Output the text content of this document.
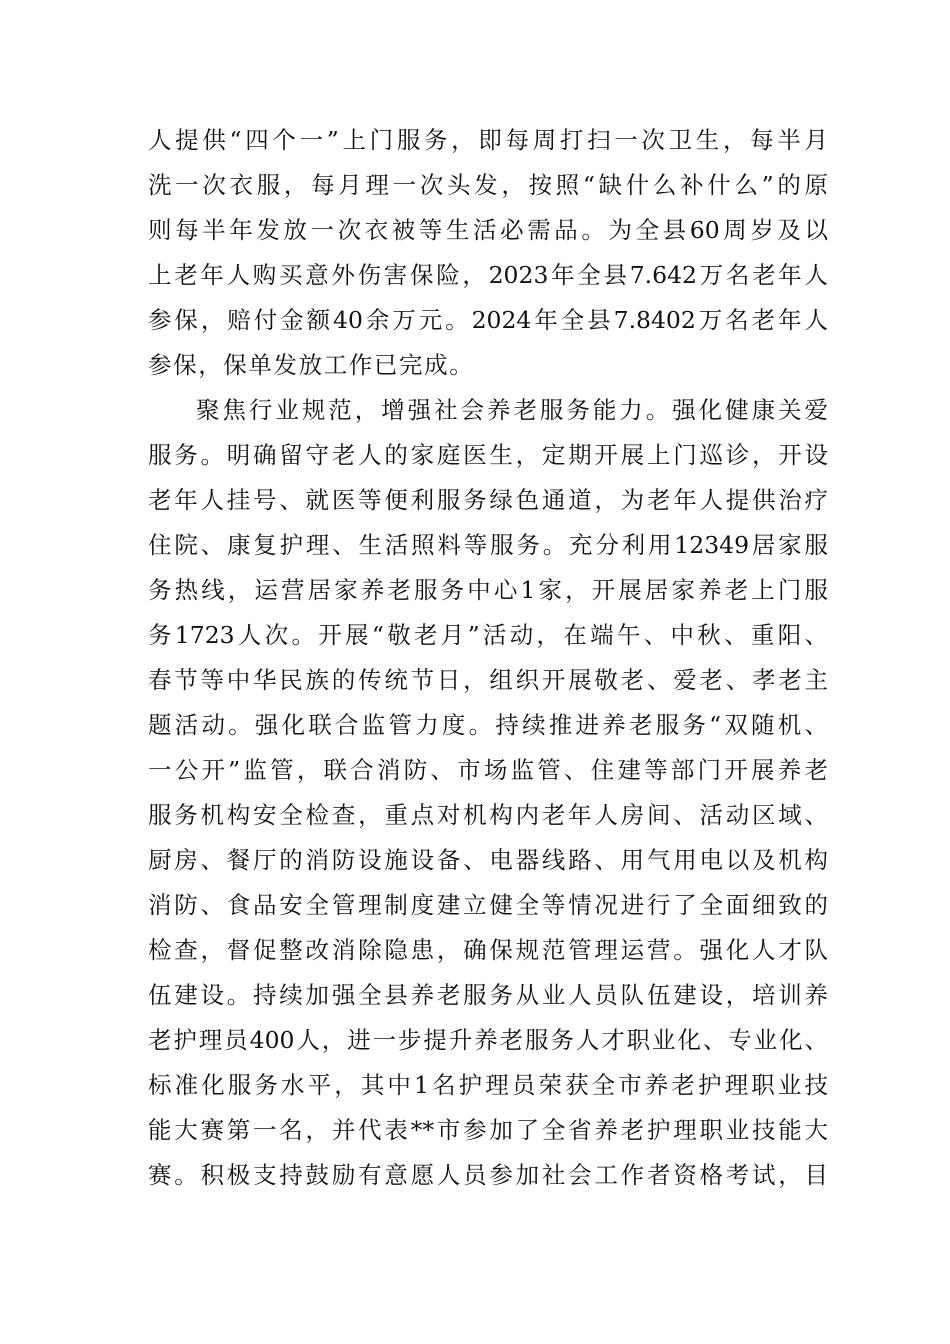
人提供“四个一”上门服务，即每周打扫一次卫生，每半月
洗一次衣服，每月理一次头发，按照“缺什么补什么”的原
则每半年发放一次衣被等生活必需品。为全县60周岁及以
上老年人购买意外伤害保险，2023年全县7.642万名老年人
参保，赔付金额40余万元。2024年全县7.8402万名老年人
参保，保单发放工作已完成。
聚焦行业规范，增强社会养老服务能力。强化健康关爱
服务。明确留守老人的家庭医生，定期开展上门巡诊，开设
老年人挂号、就医等便利服务绿色通道，为老年人提供治疗
住院、康复护理、生活照料等服务。充分利用12349居家服
务热线，运营居家养老服务中心1家，开展居家养老上门服
务1723人次。开展“敬老月”活动，在端午、中秋、重阳、
春节等中华民族的传统节日，组织开展敬老、爱老、孝老主
题活动。强化联合监管力度。持续推进养老服务“双随机、
一公开”监管，联合消防、市场监管、住建等部门开展养老
服务机构安全检查，重点对机构内老年人房间、活动区域、
厨房、餐厅的消防设施设备、电器线路、用气用电以及机构
消防、食品安全管理制度建立健全等情况进行了全面细致的
检查，督促整改消除隐患，确保规范管理运营。强化人才队
伍建设。持续加强全县养老服务从业人员队伍建设，培训养
老护理员400人，进一步提升养老服务人才职业化、专业化、
标准化服务水平，其中1名护理员荣获全市养老护理职业技
能大赛第一名，并代表**市参加了全省养老护理职业技能大
赛。积极支持鼓励有意愿人员参加社会工作者资格考试，目
